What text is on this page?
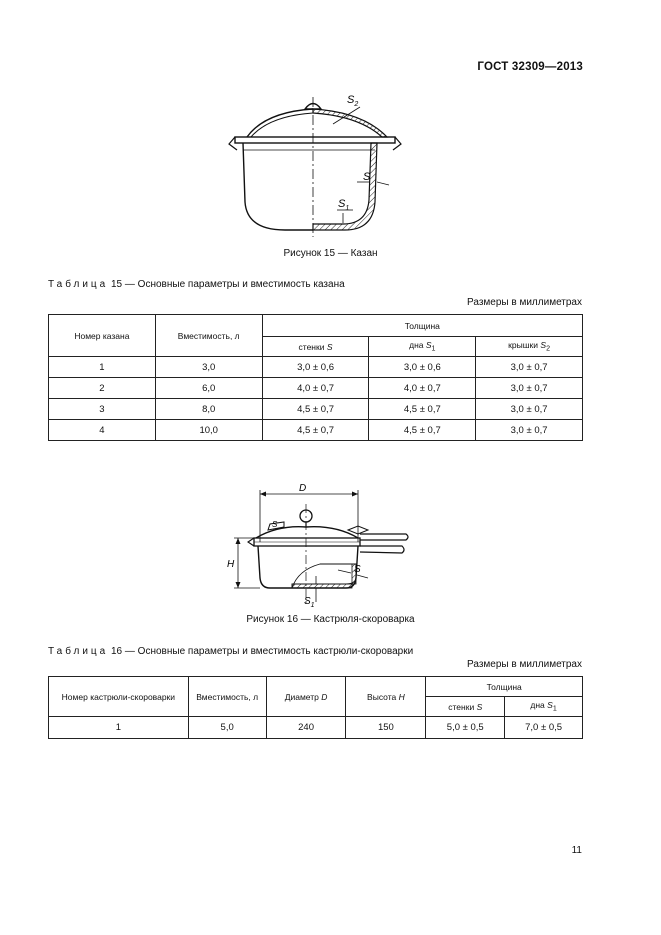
ГОСТ 32309—2013
$S_2$
S
$S_1$
Рисунок 15 — Казан
Таблица 15 — Основные параметры и вместимость казана
Размеры в миллиметрах
Номер казана	Вместимость, л	Толщина		
		стенки S	дна $S_1$	крышки $S_2$
1	3,0	3,0 ± 0,6	3,0 ± 0,6	3,0 ± 0,7
2	6,0	4,0 ± 0,7	4,0 ± 0,7	3,0 ± 0,7
3	8,0	4,5 ± 0,7	4,5 ± 0,7	3,0 ± 0,7
4	10,0	4,5 ± 0,7	4,5 ± 0,7	3,0 ± 0,7
D
S
H	S
$S_1$
Рисунок 16 — Кастрюля-скороварка
Таблица 16 — Основные параметры и вместимость кастрюли-скороварки
Размеры в миллиметрах
Номер кастрюли-скороварки	Вместимость, л	Диаметр D	Высота H	Толщина	
				стенки S	дна $S_1$
1	5,0	240	150	5,0 ± 0,5	7,0 ± 0,5
11
